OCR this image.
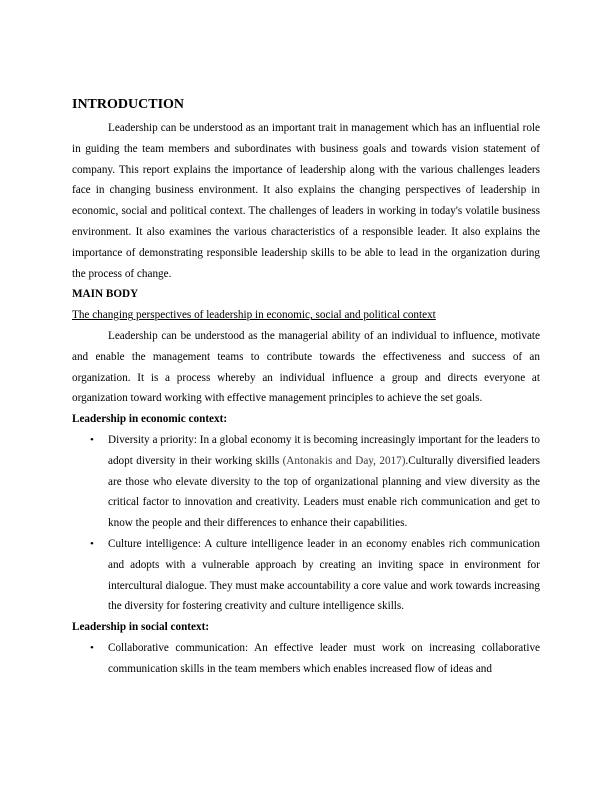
INTRODUCTION

Leadership can be understood as an important trait in management which has an influential role in guiding the team members and subordinates with business goals and towards vision statement of company. This report explains the importance of leadership along with the various challenges leaders face in changing business environment. It also explains the changing perspectives of leadership in economic, social and political context. The challenges of leaders in working in today's volatile business environment. It also examines the various characteristics of a responsible leader. It also explains the importance of demonstrating responsible leadership skills to be able to lead in the organization during the process of change.

MAIN BODY
The changing perspectives of leadership in economic, social and political context

Leadership can be understood as the managerial ability of an individual to influence, motivate and enable the management teams to contribute towards the effectiveness and success of an organization. It is a process whereby an individual influence a group and directs everyone at organization toward working with effective management principles to achieve the set goals.

Leadership in economic context:
• Diversity a priority: In a global economy it is becoming increasingly important for the leaders to adopt diversity in their working skills (Antonakis and Day, 2017).Culturally diversified leaders are those who elevate diversity to the top of organizational planning and view diversity as the critical factor to innovation and creativity. Leaders must enable rich communication and get to know the people and their differences to enhance their capabilities.
• Culture intelligence: A culture intelligence leader in an economy enables rich communication and adopts with a vulnerable approach by creating an inviting space in environment for intercultural dialogue. They must make accountability a core value and work towards increasing the diversity for fostering creativity and culture intelligence skills.
Leadership in social context:
• Collaborative communication: An effective leader must work on increasing collaborative communication skills in the team members which enables increased flow of ideas and
